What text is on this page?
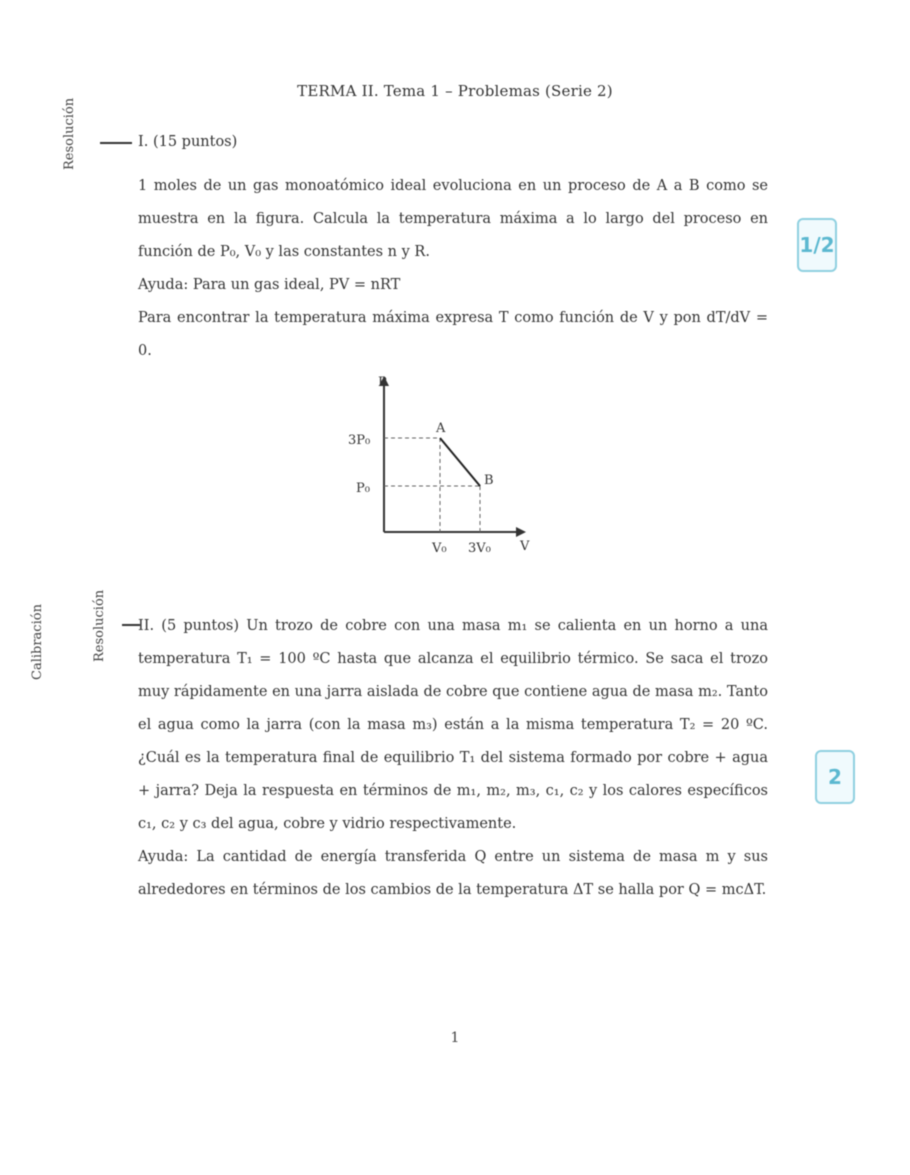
TERMA II. Tema 1 – Problemas (Serie 2)
Resolución	I. (15 puntos)

1 moles de un gas monoatómico ideal evoluciona en un proceso de A a B como se muestra en la figura. Calcula la temperatura máxima a lo largo del proceso en función de P₀, V₀ y las constantes n y R.

Ayuda: Para un gas ideal, PV = nRT

Para encontrar la temperatura máxima expresa T como función de V y pon dT/dV = 0.

1/2
P
V
3P₀
P₀
V₀ 3V₀
A
B
Calibración	Resolución II. (5 puntos) Un trozo de cobre con una masa m₁ se calienta en un horno a una temperatura T₁ = 100 ºC hasta que alcanza el equilibrio térmico. Se saca el trozo muy rápidamente en una jarra aislada de cobre que contiene agua de masa m₂. Tanto el agua como la jarra (con la masa m₃) están a la misma temperatura T₂ = 20 ºC. ¿Cuál es la temperatura final de equilibrio T₁ del sistema formado por cobre + agua + jarra? Deja la respuesta en términos de m₁, m₂, m₃, c₁, c₂ y los calores específicos c₁, c₂ y c₃ del agua, cobre y vidrio respectivamente.

Ayuda: La cantidad de energía transferida Q entre un sistema de masa m y sus alrededores en términos de los cambios de la temperatura ΔT se halla por Q = mcΔT.

2
1
